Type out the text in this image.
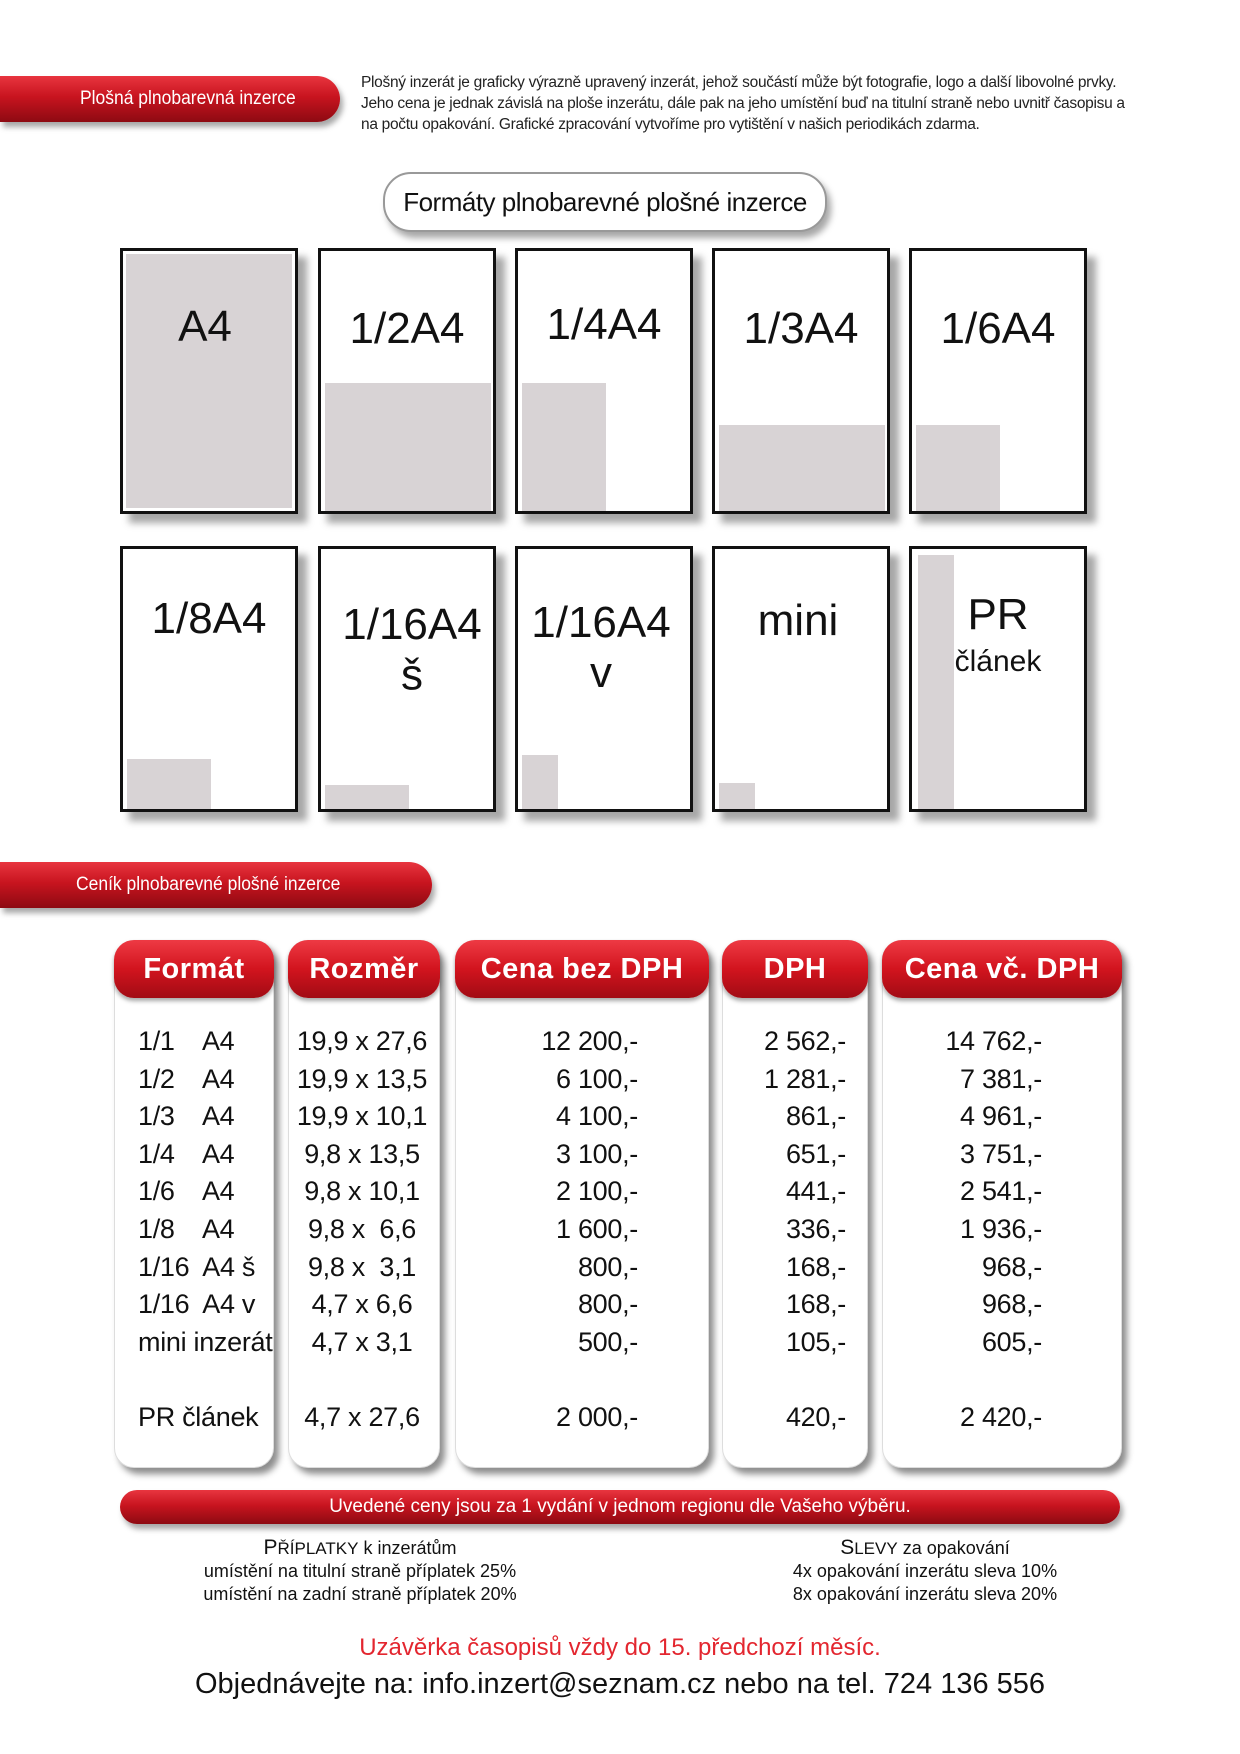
Plošná plnobarevná inzerce
Plošný inzerát je graficky výrazně upravený inzerát, jehož součástí může být fotografie, logo a další libovolné prvky.
Jeho cena je jednak závislá na ploše inzerátu, dále pak na jeho umístění buď na titulní straně nebo uvnitř časopisu a
na počtu opakování. Grafické zpracování vytvoříme pro vytištění v našich periodikách zdarma.
Formáty plnobarevné plošné inzerce
A4	1/2A4	1/4A4	1/3A4	1/6A4
1/8A4	1/16A4
š
1/16A4
v
mini	PR
článek
Ceník plnobarevné plošné inzerce
Formát	Rozměr	Cena bez DPH	DPH	Cena vč. DPH
1/1    A4	19,9 x 27,6	12 200,-	2 562,-	14 762,-
1/2    A4	19,9 x 13,5	6 100,-	1 281,-	7 381,-
1/3    A4	19,9 x 10,1	4 100,-	861,-	4 961,-
1/4    A4	9,8 x 13,5	3 100,-	651,-	3 751,-
1/6    A4	9,8 x 10,1	2 100,-	441,-	2 541,-
1/8    A4	9,8 x  6,6	1 600,-	336,-	1 936,-
1/16  A4 š	9,8 x  3,1	800,-	168,-	968,-
1/16  A4 v	4,7 x 6,6	800,-	168,-	968,-
mini inzerát	4,7 x 3,1	500,-	105,-	605,-
PR článek	4,7 x 27,6	2 000,-	420,-	2 420,-
Uvedené ceny jsou za 1 vydání v jednom regionu dle Vašeho výběru.
PŘÍPLATKY k inzerátům
umístění na titulní straně příplatek 25%
umístění na zadní straně příplatek 20%
SLEVY za opakování
4x opakování inzerátu sleva 10%
8x opakování inzerátu sleva 20%
Uzávěrka časopisů vždy do 15. předchozí měsíc.
Objednávejte na: info.inzert@seznam.cz nebo na tel. 724 136 556
